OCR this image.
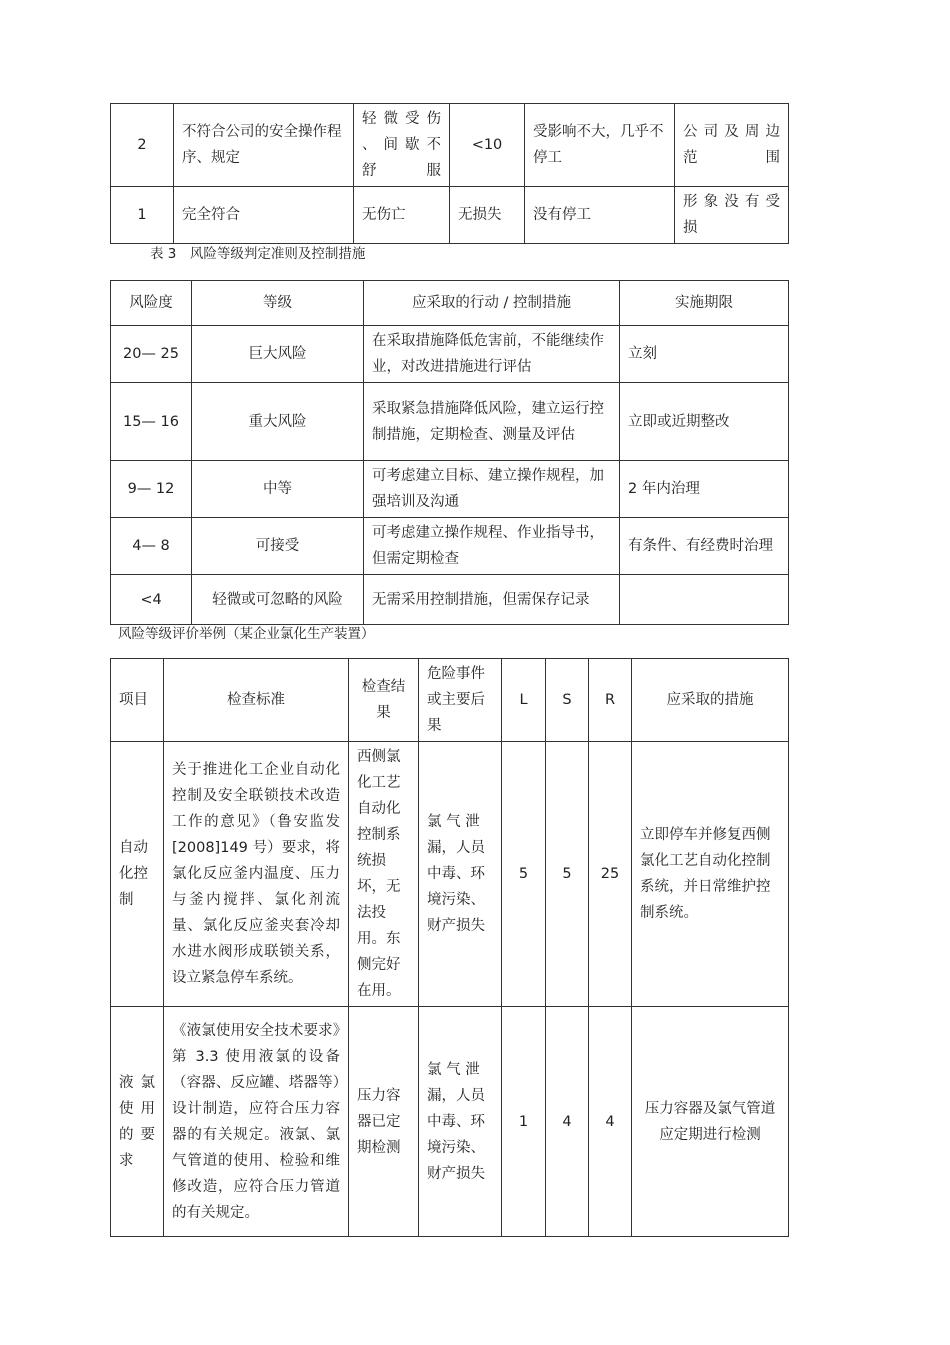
2	不符合公司的安全操作程序、规定	轻 微 受 伤 、 间 歇 不舒服	<10	受影响不大，几乎不停工	公 司 及 周 边 范围
1	完全符合	无伤亡	无损失	没有停工	形 象 没 有 受 损
表 3　风险等级判定准则及控制措施
风险度	等级	应采取的行动 / 控制措施	实施期限
20— 25	巨大风险	在采取措施降低危害前，不能继续作业，对改进措施进行评估	立刻
15— 16	重大风险	采取紧急措施降低风险，建立运行控制措施，定期检查、测量及评估	立即或近期整改
9— 12	中等	可考虑建立目标、建立操作规程，加强培训及沟通	2 年内治理
4— 8	可接受	可考虑建立操作规程、作业指导书，但需定期检查	有条件、有经费时治理
<4	轻微或可忽略的风险	无需采用控制措施，但需保存记录	
风险等级评价举例（某企业氯化生产装置）
项目	检查标准	检查结果	危险事件或主要后果	L	S	R	应采取的措施
自动化控制	关于推进化工企业自动化控制及安全联锁技术改造工作的意见》（鲁安监发 [2008]149 号）要求，将氯化反应釜内温度、压力与釜内搅拌、氯化剂流量、氯化反应釜夹套冷却水进水阀形成联锁关系，设立紧急停车系统。	西侧氯化工艺自动化控制系统损坏，无法投用。东侧完好在用。	氯 气 泄 漏，人员中毒、环境污染、财产损失	5	5	25	立即停车并修复西侧氯化工艺自动化控制系统，并日常维护控制系统。
液 氯 使 用 的 要 求	《液氯使用安全技术要求》第 3.3 使用液氯的设备（容器、反应罐、塔器等）设计制造，应符合压力容器的有关规定。液氯、氯气管道的使用、检验和维修改造，应符合压力管道的有关规定。	压力容器已定期检测	氯 气 泄 漏，人员中毒、环境污染、财产损失	1	4	4	压力容器及氯气管道应定期进行检测
